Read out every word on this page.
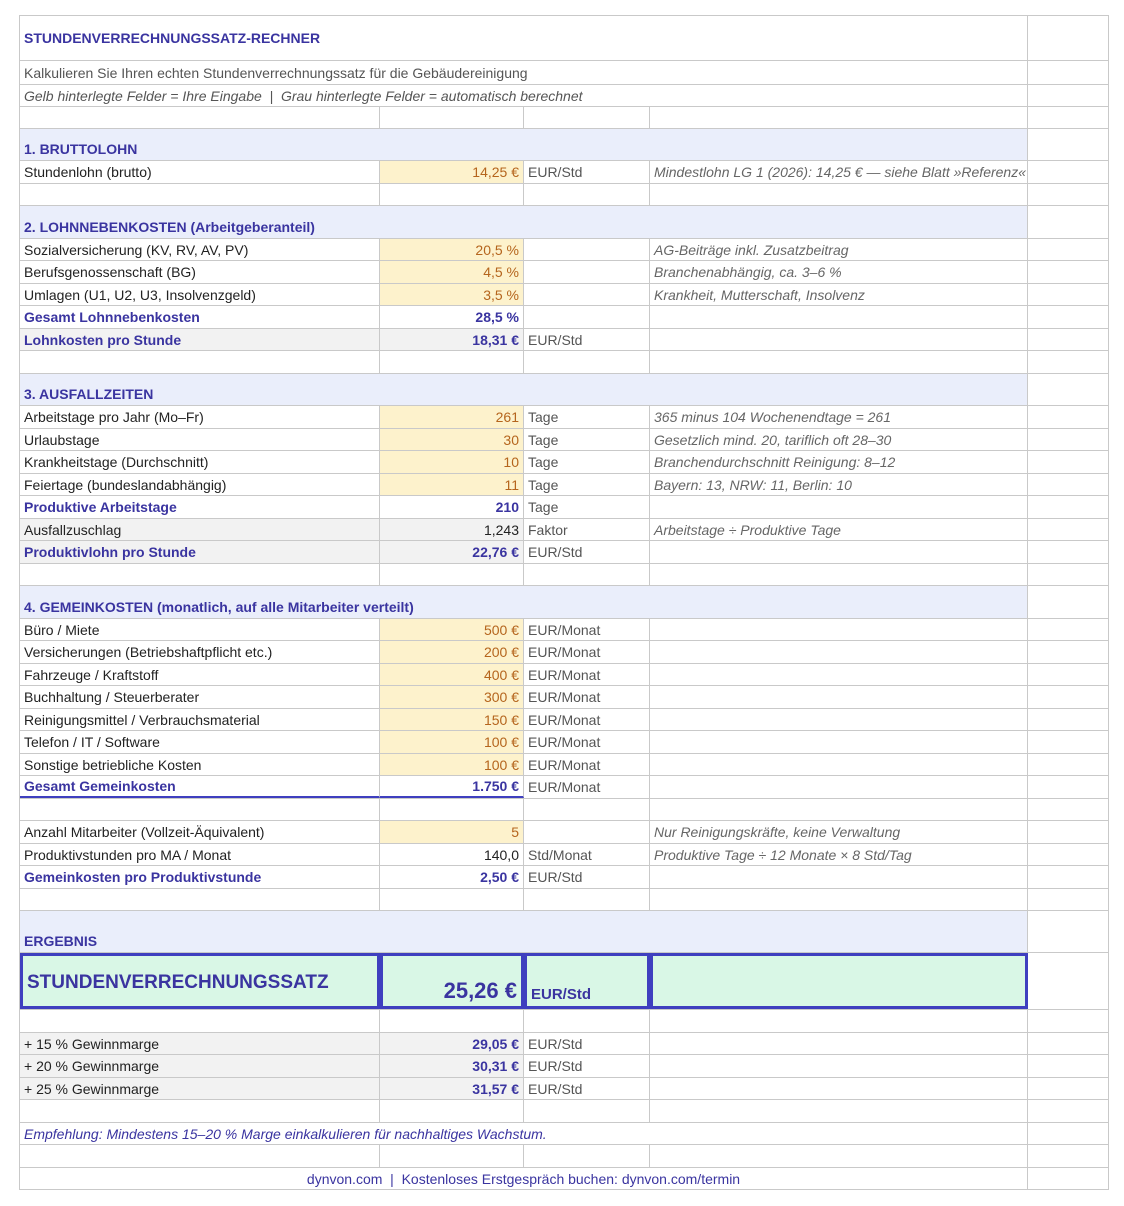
STUNDENVERRECHNUNGSSATZ-RECHNER
Kalkulieren Sie Ihren echten Stundenverrechnungssatz für die Gebäudereinigung
Gelb hinterlegte Felder = Ihre Eingabe  |  Grau hinterlegte Felder = automatisch berechnet
1. BRUTTOLOHN
Stundenlohn (brutto)	14,25 € EUR/Std	Mindestlohn LG 1 (2026): 14,25 € — siehe Blatt »Referenz«
2. LOHNNEBENKOSTEN (Arbeitgeberanteil)
Sozialversicherung (KV, RV, AV, PV)	20,5 %	AG-Beiträge inkl. Zusatzbeitrag
Berufsgenossenschaft (BG)	4,5 %	Branchenabhängig, ca. 3–6 %
Umlagen (U1, U2, U3, Insolvenzgeld)	3,5 %	Krankheit, Mutterschaft, Insolvenz
Gesamt Lohnnebenkosten	28,5 %
Lohnkosten pro Stunde	18,31 € EUR/Std
3. AUSFALLZEITEN
Arbeitstage pro Jahr (Mo–Fr)	261 Tage	365 minus 104 Wochenendtage = 261
Urlaubstage	30 Tage	Gesetzlich mind. 20, tariflich oft 28–30
Krankheitstage (Durchschnitt)	10 Tage	Branchendurchschnitt Reinigung: 8–12
Feiertage (bundeslandabhängig)	11 Tage	Bayern: 13, NRW: 11, Berlin: 10
Produktive Arbeitstage	210 Tage
Ausfallzuschlag	1,243 Faktor	Arbeitstage ÷ Produktive Tage
Produktivlohn pro Stunde	22,76 € EUR/Std
4. GEMEINKOSTEN (monatlich, auf alle Mitarbeiter verteilt)
Büro / Miete	500 € EUR/Monat
Versicherungen (Betriebshaftpflicht etc.)	200 € EUR/Monat
Fahrzeuge / Kraftstoff	400 € EUR/Monat
Buchhaltung / Steuerberater	300 € EUR/Monat
Reinigungsmittel / Verbrauchsmaterial	150 € EUR/Monat
Telefon / IT / Software	100 € EUR/Monat
Sonstige betriebliche Kosten	100 € EUR/Monat
Gesamt Gemeinkosten	1.750 € EUR/Monat
Anzahl Mitarbeiter (Vollzeit-Äquivalent)	5	Nur Reinigungskräfte, keine Verwaltung
Produktivstunden pro MA / Monat	140,0 Std/Monat	Produktive Tage ÷ 12 Monate × 8 Std/Tag
Gemeinkosten pro Produktivstunde	2,50 € EUR/Std
ERGEBNIS
STUNDENVERRECHNUNGSSATZ	25,26 € EUR/Std
+ 15 % Gewinnmarge	29,05 € EUR/Std
+ 20 % Gewinnmarge	30,31 € EUR/Std
+ 25 % Gewinnmarge	31,57 € EUR/Std
Empfehlung: Mindestens 15–20 % Marge einkalkulieren für nachhaltiges Wachstum.
dynvon.com  |  Kostenloses Erstgespräch buchen: dynvon.com/termin
